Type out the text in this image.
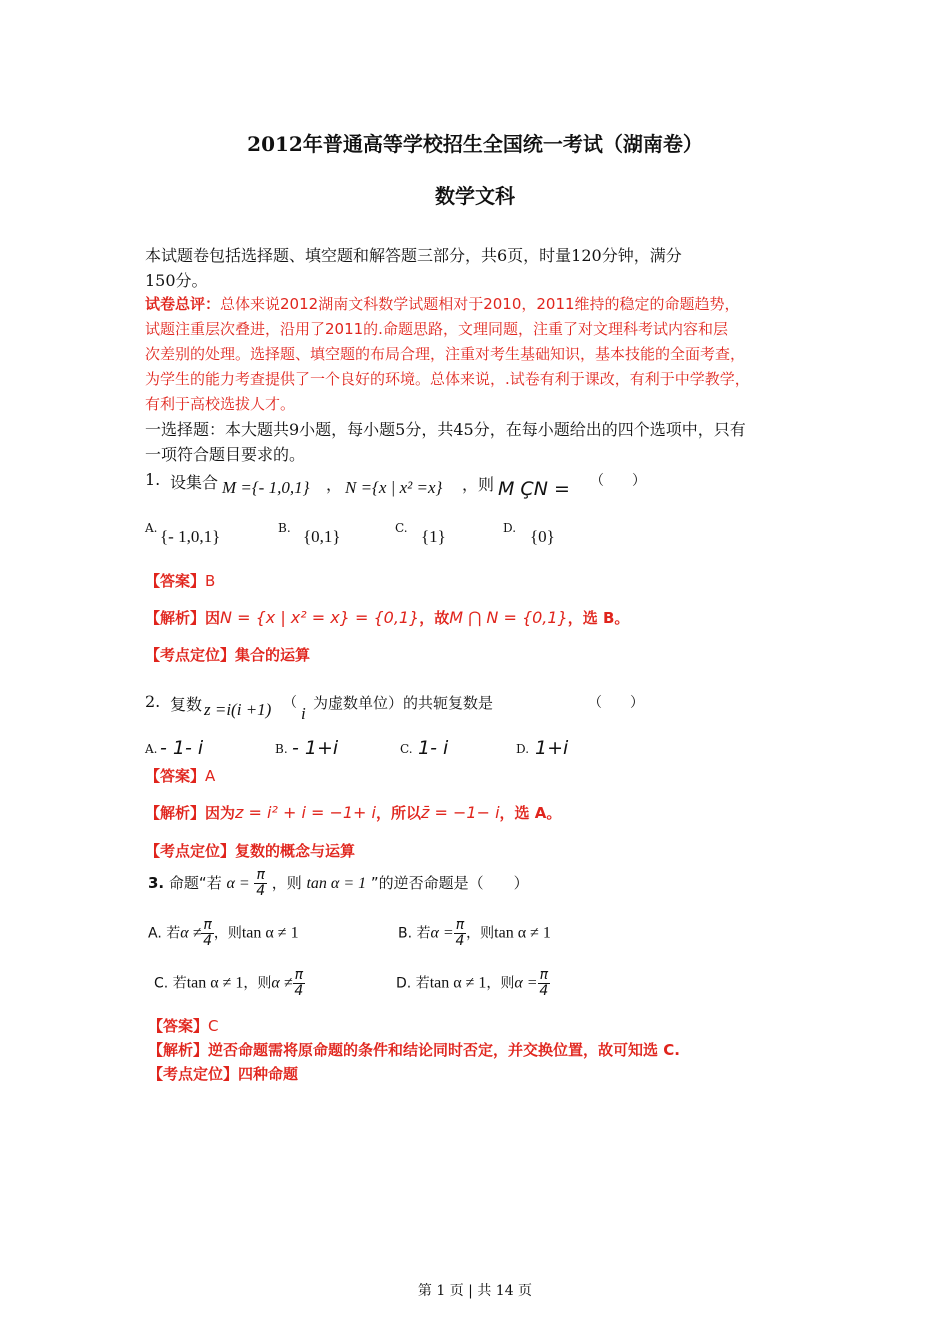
2012年普通高等学校招生全国统一考试（湖南卷）
数学文科
本试题卷包括选择题、填空题和解答题三部分，共6页，时量120分钟，满分
150分。
试卷总评：总体来说2012湖南文科数学试题相对于2010，2011维持的稳定的命题趋势，
试题注重层次叠进，沿用了2011的.命题思路，文理同题，注重了对文理科考试内容和层
次差别的处理。选择题、填空题的布局合理，注重对考生基础知识，基本技能的全面考查，
为学生的能力考查提供了一个良好的环境。总体来说，.试卷有利于课改，有利于中学教学，
有利于高校选拔人才。
一选择题：本大题共9小题，每小题5分，共45分，在每小题给出的四个选项中，只有
一项符合题目要求的。
1. 设集合 M ={- 1,0,1} ， N ={x | x² =x} ，则 M ÇN = （　　）
A. {- 1,0,1}	B. {0,1}	C. {1}	D. {0}
【答案】B
【解析】因N = {x | x² = x} = {0,1}，故M ⋂ N = {0,1}，选 B。
【考点定位】集合的运算
2. 复数 z =i(i +1) （
i
为虚数单位）的共轭复数是	（　　）
A. - 1- i	B. - 1+i	C. 1- i	D. 1+i
【答案】A
【解析】因为z = i² + i = −1+ i，所以z̄ = −1− i，选 A。
【考点定位】复数的概念与运算
3. 命题“若 $\alpha = \frac{\pi}{4}$ ，则 tan α = 1 ”的逆否命题是（　　）
A. 若$\alpha \ne \frac{\pi}{4}$ ，则tan α ≠ 1	B. 若$\alpha = \frac{\pi}{4}$ ，则tan α ≠ 1
C. 若tan α ≠ 1，则$\alpha \ne \frac{\pi}{4}$	D. 若tan α ≠ 1，则$\alpha = \frac{\pi}{4}$
【答案】C
【解析】逆否命题需将原命题的条件和结论同时否定，并交换位置，故可知选 C.
【考点定位】四种命题
第 1 页 | 共 14 页
